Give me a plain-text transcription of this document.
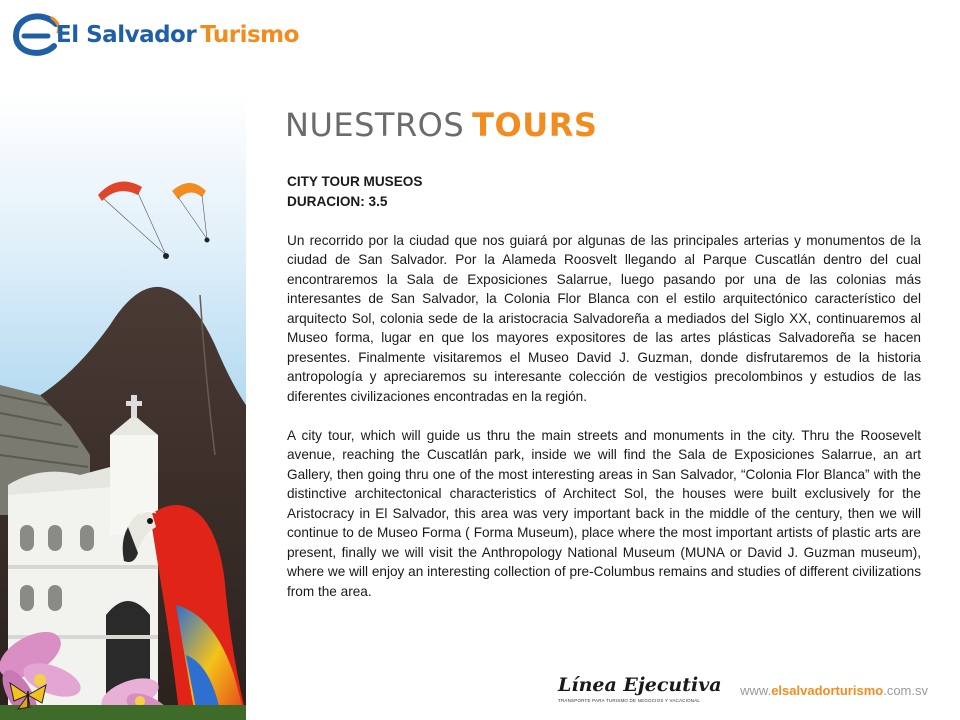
El Salvador Turismo
NUESTROS TOURS
CITY TOUR MUSEOS
DURACION: 3.5

Un recorrido por la ciudad que nos guiará por algunas de las principales arterias y monumentos de la ciudad de San Salvador. Por la Alameda Roosvelt llegando al Parque Cuscatlán dentro del cual encontraremos la Sala de Exposiciones Salarrue, luego pasando por una de las colonias más interesantes de San Salvador, la Colonia Flor Blanca con el estilo arquitectónico característico del arquitecto Sol, colonia sede de la aristocracia Salvadoreña a mediados del Siglo XX, continuaremos al Museo forma, lugar en que los mayores expositores de las artes plásticas Salvadoreña se hacen presentes. Finalmente visitaremos el Museo David J. Guzman, donde disfrutaremos de la historia antropología y apreciaremos su interesante colección de vestigios precolombinos y estudios de las diferentes civilizaciones encontradas en la región.

A city tour, which will guide us thru the main streets and monuments in the city. Thru the Roosevelt avenue, reaching the Cuscatlán park, inside we will find the Sala de Exposiciones Salarrue, an art Gallery, then going thru one of the most interesting areas in San Salvador, “Colonia Flor Blanca” with the distinctive architectonical characteristics of Architect Sol, the houses were built exclusively for the Aristocracy in El Salvador, this area was very important back in the middle of the century, then we will continue to de Museo Forma ( Forma Museum), place where the most important artists of plastic arts are present, finally we will visit the Anthropology National Museum (MUNA or David J. Guzman museum), where we will enjoy an interesting collection of pre-Columbus remains and studies of different civilizations from the area.

Línea Ejecutiva
TRANSPORTE PARA TURISMO DE NEGOCIOS Y VACACIONAL
www.elsalvadorturismo.com.sv
